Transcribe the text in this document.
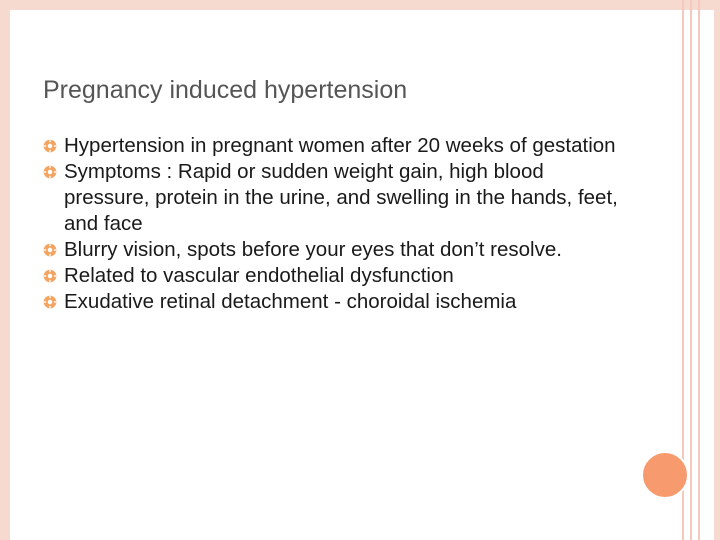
Pregnancy induced hypertension
Hypertension in pregnant women after 20 weeks of gestation
Symptoms : Rapid or sudden weight gain, high blood pressure, protein in the urine, and swelling in the hands, feet, and face
Blurry vision, spots before your eyes that don’t resolve.
Related to vascular endothelial dysfunction
Exudative retinal detachment - choroidal ischemia
